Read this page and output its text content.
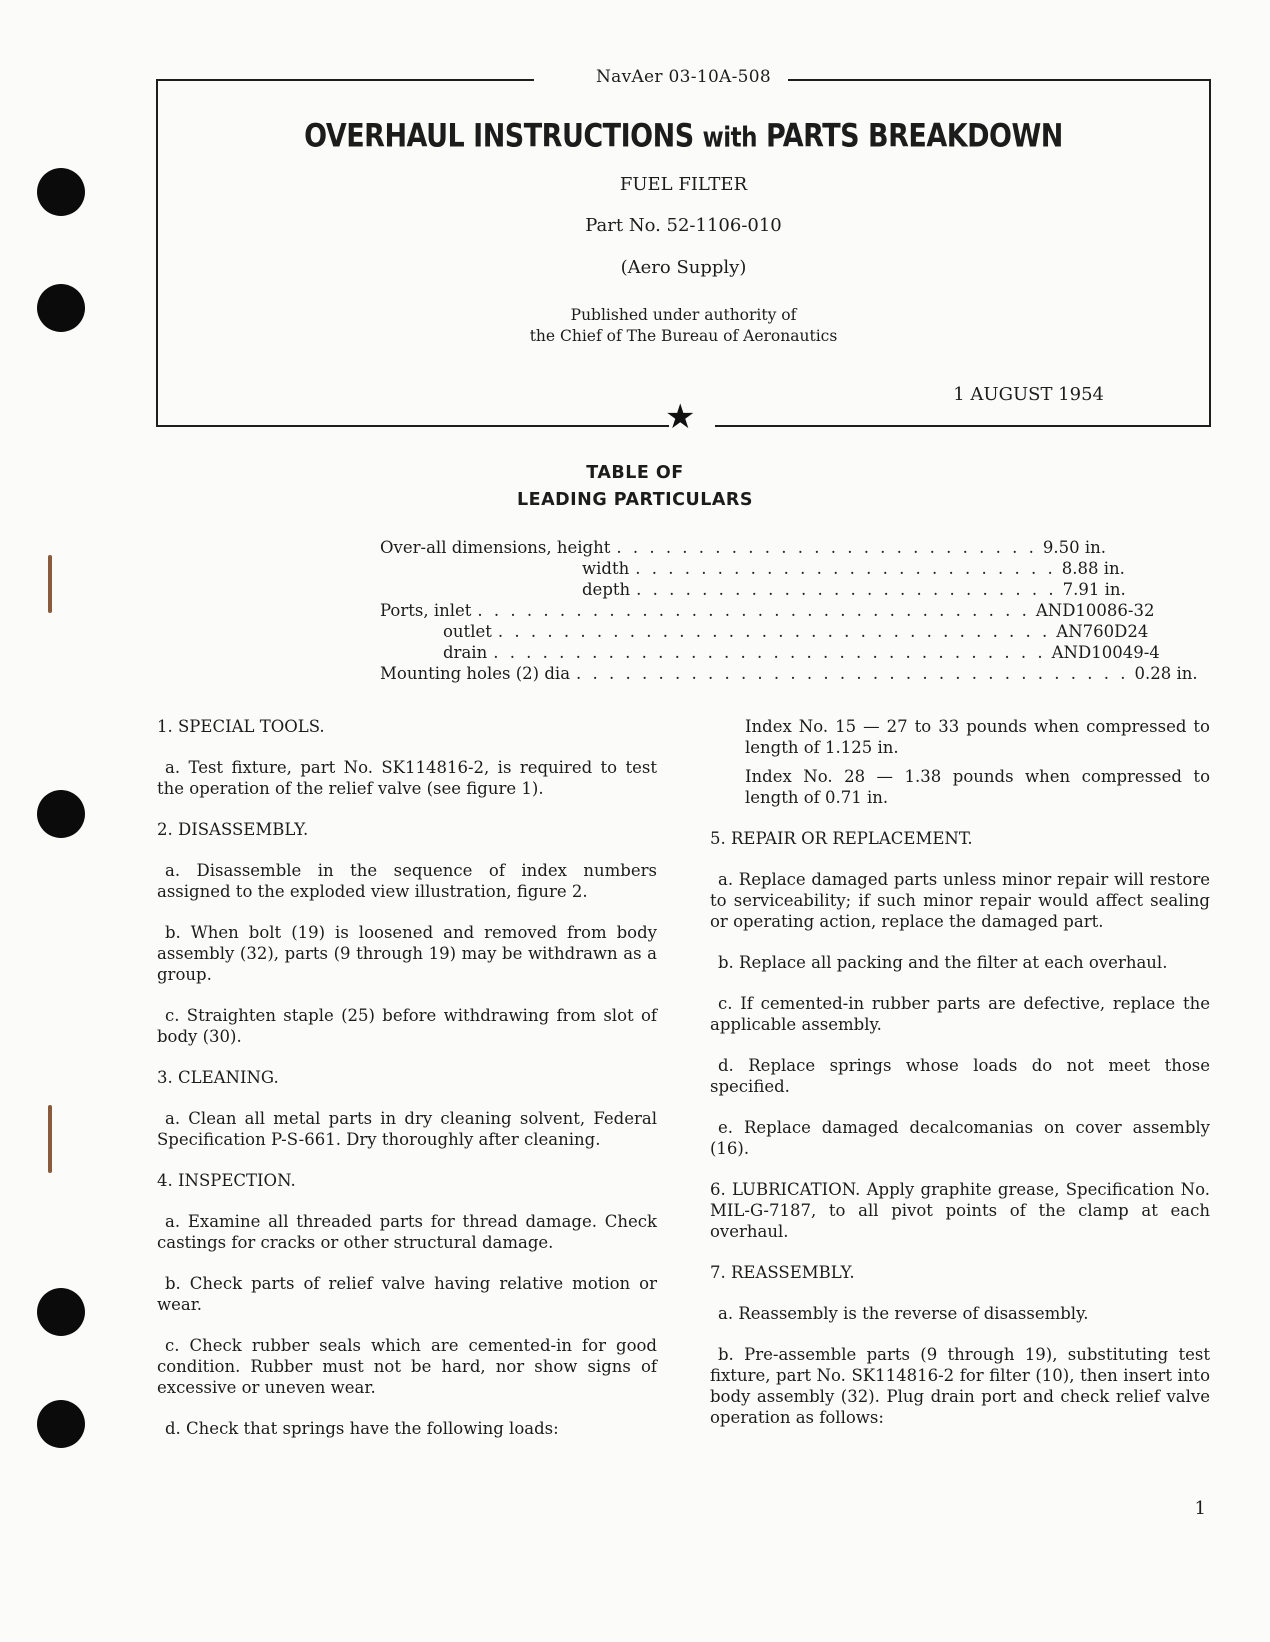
NavAer 03-10A-508
OVERHAUL INSTRUCTIONS with PARTS BREAKDOWN
FUEL FILTER
Part No. 52-1106-010
(Aero Supply)
Published under authority of
the Chief of The Bureau of Aeronautics
1 AUGUST 1954
★
TABLE OF
LEADING PARTICULARS
Over-all dimensions, height . . . . . . . . . . . . . . . . . . . . . . . . . . 9.50 in.
width . . . . . . . . . . . . . . . . . . . . . . . . . . 8.88 in.
depth . . . . . . . . . . . . . . . . . . . . . . . . . . 7.91 in.
Ports, inlet . . . . . . . . . . . . . . . . . . . . . . . . . . . . . . . . . . AND10086-32
outlet . . . . . . . . . . . . . . . . . . . . . . . . . . . . . . . . . . AN760D24
drain . . . . . . . . . . . . . . . . . . . . . . . . . . . . . . . . . . AND10049-4
Mounting holes (2) dia . . . . . . . . . . . . . . . . . . . . . . . . . . . . . . . . . . 0.28 in.

1. SPECIAL TOOLS.

a. Test fixture, part No. SK114816-2, is required to test the operation of the relief valve (see figure 1).

2. DISASSEMBLY.

a. Disassemble in the sequence of index numbers assigned to the exploded view illustration, figure 2.

b. When bolt (19) is loosened and removed from body assembly (32), parts (9 through 19) may be withdrawn as a group.

c. Straighten staple (25) before withdrawing from slot of body (30).

3. CLEANING.

a. Clean all metal parts in dry cleaning solvent, Federal Specification P-S-661. Dry thoroughly after cleaning.

4. INSPECTION.

a. Examine all threaded parts for thread damage. Check castings for cracks or other structural damage.

b. Check parts of relief valve having relative motion or wear.

c. Check rubber seals which are cemented-in for good condition. Rubber must not be hard, nor show signs of excessive or uneven wear.

d. Check that springs have the following loads:

Index No. 15 — 27 to 33 pounds when compressed to length of 1.125 in.

Index No. 28 — 1.38 pounds when compressed to length of 0.71 in.

5. REPAIR OR REPLACEMENT.

a. Replace damaged parts unless minor repair will restore to serviceability; if such minor repair would affect sealing or operating action, replace the damaged part.

b. Replace all packing and the filter at each overhaul.

c. If cemented-in rubber parts are defective, replace the applicable assembly.

d. Replace springs whose loads do not meet those specified.

e. Replace damaged decalcomanias on cover assembly (16).

6. LUBRICATION. Apply graphite grease, Specification No. MIL-G-7187, to all pivot points of the clamp at each overhaul.

7. REASSEMBLY.

a. Reassembly is the reverse of disassembly.

b. Pre-assemble parts (9 through 19), substituting test fixture, part No. SK114816-2 for filter (10), then insert into body assembly (32). Plug drain port and check relief valve operation as follows:

1
